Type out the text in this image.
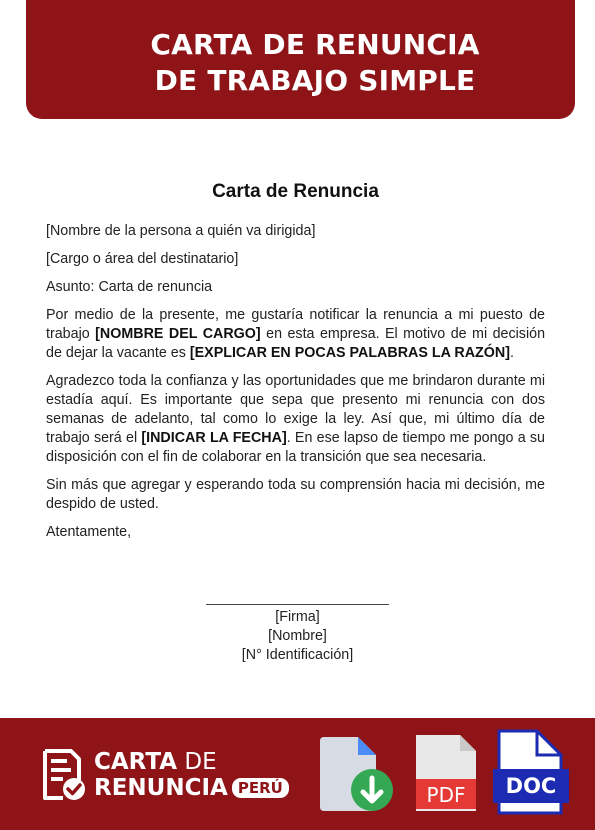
CARTA DE RENUNCIA
DE TRABAJO SIMPLE
Carta de Renuncia

[Nombre de la persona a quién va dirigida]

[Cargo o área del destinatario]

Asunto: Carta de renuncia

Por medio de la presente, me gustaría notificar la renuncia a mi puesto de trabajo [NOMBRE DEL CARGO] en esta empresa. El motivo de mi decisión de dejar la vacante es [EXPLICAR EN POCAS PALABRAS LA RAZÓN].

Agradezco toda la confianza y las oportunidades que me brindaron durante mi estadía aquí. Es importante que sepa que presento mi renuncia con dos semanas de adelanto, tal como lo exige la ley. Así que, mi último día de trabajo será el [INDICAR LA FECHA]. En ese lapso de tiempo me pongo a su disposición con el fin de colaborar en la transición que sea necesaria.

Sin más que agregar y esperando toda su comprensión hacia mi decisión, me despido de usted.

Atentamente,

[Firma]
[Nombre]
[N° Identificación]
CARTA DE
RENUNCIA PERÚ	PDF DOC
